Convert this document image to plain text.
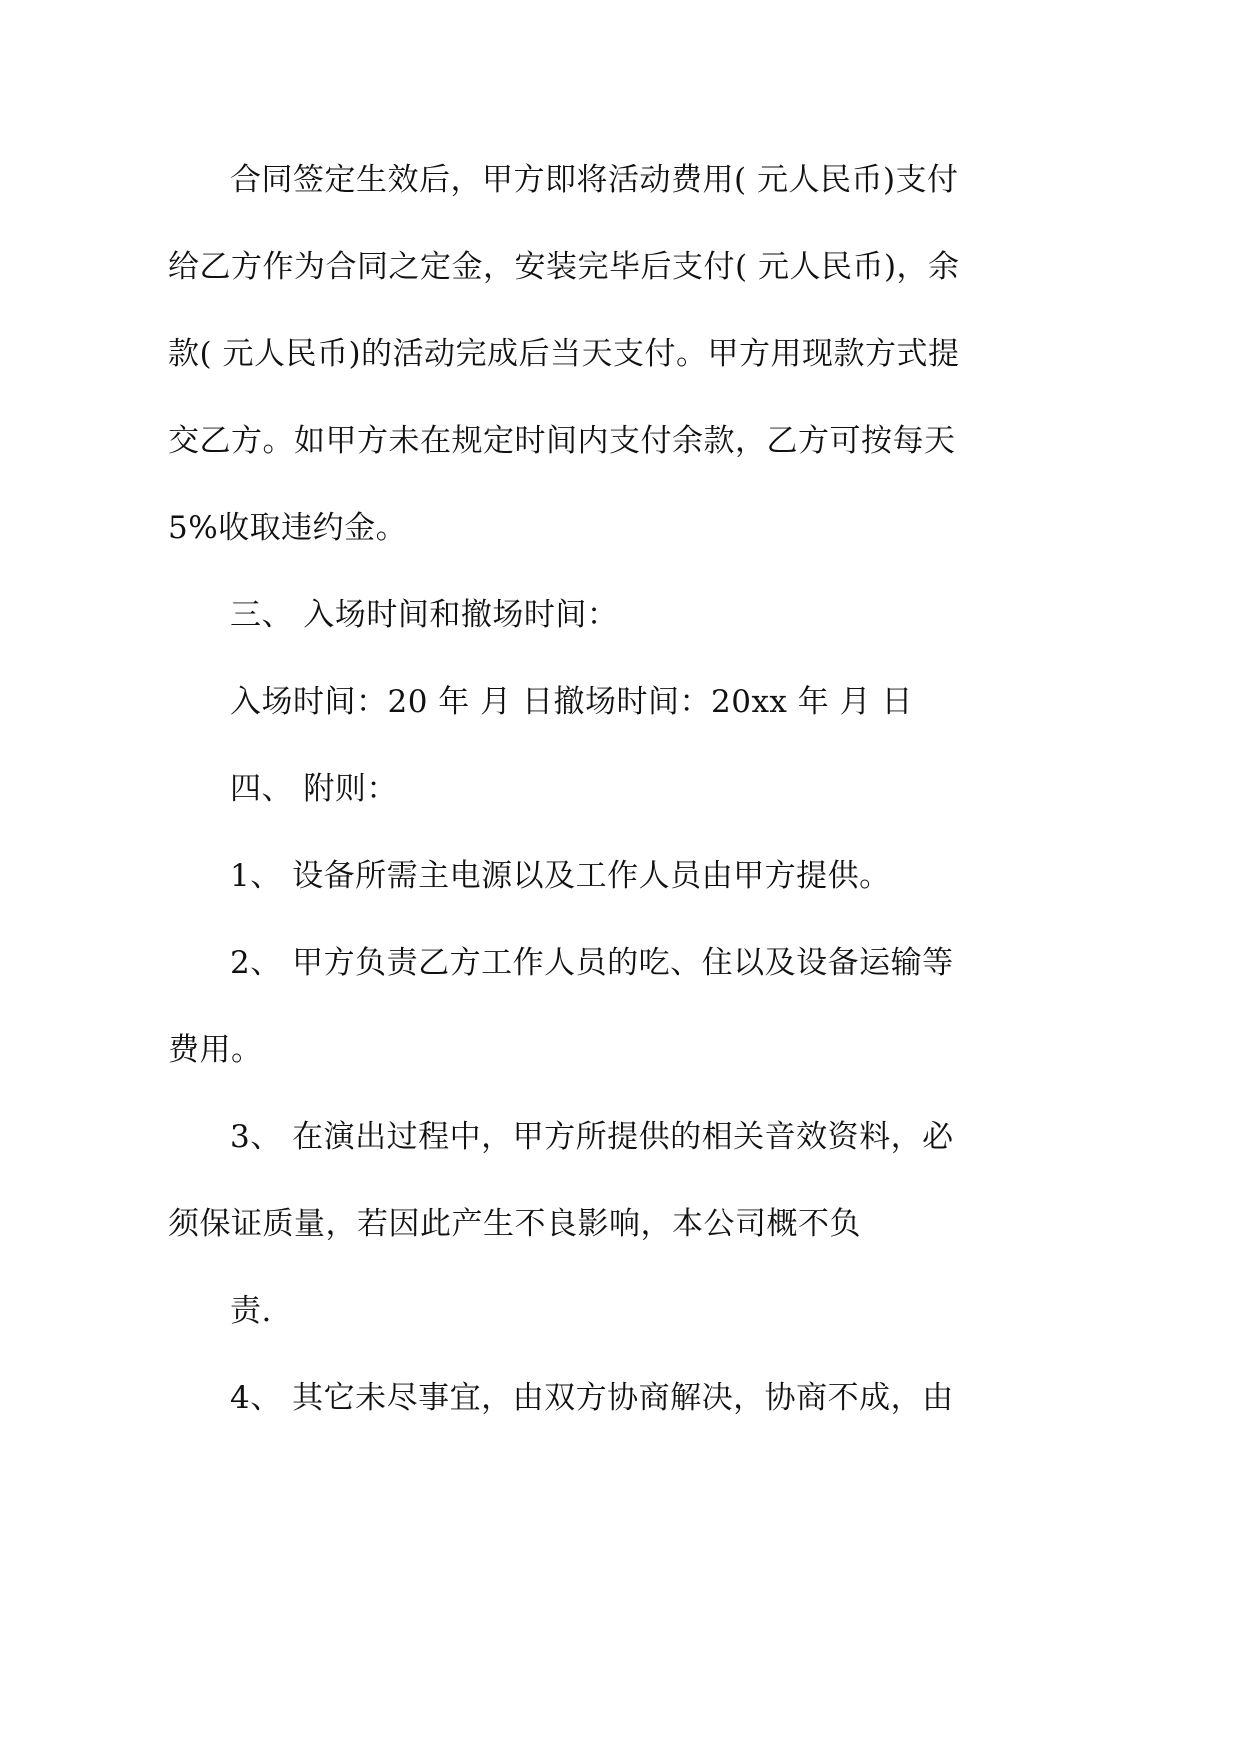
合同签定生效后，甲方即将活动费用( 元人民币)支付
给乙方作为合同之定金，安装完毕后支付( 元人民币)，余
款( 元人民币)的活动完成后当天支付。甲方用现款方式提
交乙方。如甲方未在规定时间内支付余款，乙方可按每天
5%收取违约金。
三、 入场时间和撤场时间：
入场时间：20 年 月 日撤场时间：20xx 年 月 日
四、 附则：
1、 设备所需主电源以及工作人员由甲方提供。
2、 甲方负责乙方工作人员的吃、住以及设备运输等
费用。
3、 在演出过程中，甲方所提供的相关音效资料，必
须保证质量，若因此产生不良影响，本公司概不负
责.
4、 其它未尽事宜，由双方协商解决，协商不成，由
